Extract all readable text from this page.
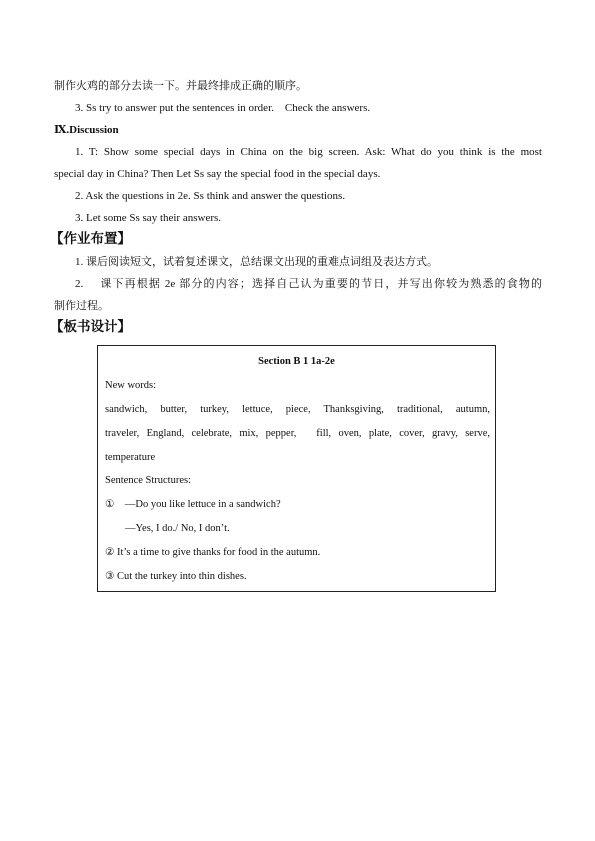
制作火鸡的部分去读一下。并最终排成正确的顺序。
3. Ss try to answer put the sentences in order.　Check the answers.
Ⅸ.Discussion
1. T: Show some special days in China on the big screen. Ask: What do you think is the most
special day in China? Then Let Ss say the special food in the special days.
2. Ask the questions in 2e. Ss think and answer the questions.
3. Let some Ss say their answers.
【作业布置】
1. 课后阅读短文，试着复述课文，总结课文出现的重难点词组及表达方式。
2.　 课下再根据 2e 部分的内容；选择自己认为重要的节日，并写出你较为熟悉的食物的
制作过程。
【板书设计】
Section B 1 1a-2e
New words:
sandwich, butter, turkey, lettuce, piece, Thanksgiving, traditional, autumn,
traveler, England, celebrate, mix, pepper,　fill, oven, plate, cover, gravy, serve,
temperature
Sentence Structures:
①　—Do you like lettuce in a sandwich?
—Yes, I do./ No, I don’t.
② It’s a time to give thanks for food in the autumn.
③ Cut the turkey into thin dishes.
